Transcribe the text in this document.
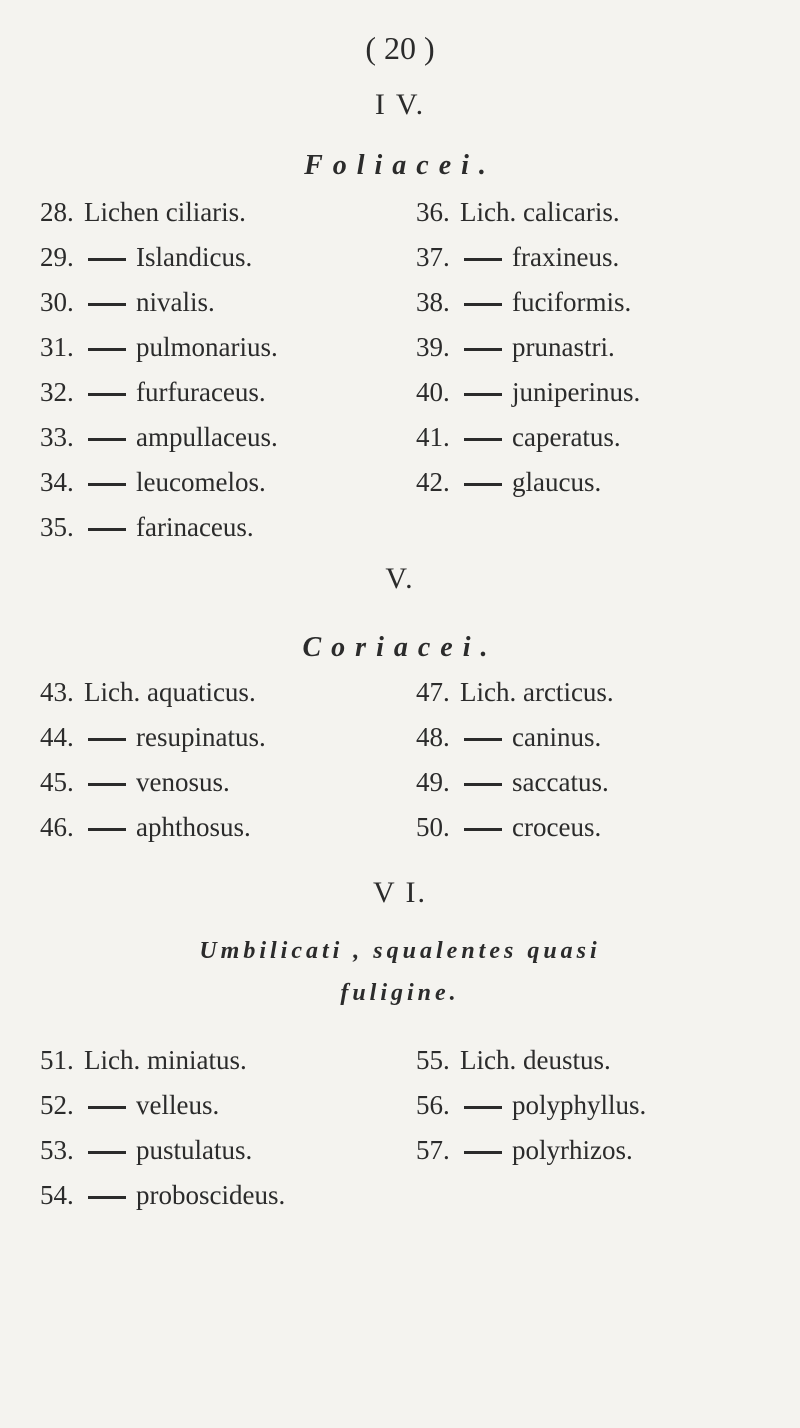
( 20 )
I V.
Foliacei.
28. Lichen ciliaris.
29. Islandicus.
30. nivalis.
31. pulmonarius.
32. furfuraceus.
33. ampullaceus.
34. leucomelos.
35. farinaceus.
36. Lich. calicaris.
37. fraxineus.
38. fuciformis.
39. prunastri.
40. juniperinus.
41. caperatus.
42. glaucus.
V.
Coriacei.
43. Lich. aquaticus.
44. resupinatus.
45. venosus.
46. aphthosus.
47. Lich. arcticus.
48. caninus.
49. saccatus.
50. croceus.
V I.
Umbilicati , squalentes quasi
fuligine.
51. Lich. miniatus.
52. velleus.
53. pustulatus.
54. proboscideus.
55. Lich. deustus.
56. polyphyllus.
57. polyrhizos.
